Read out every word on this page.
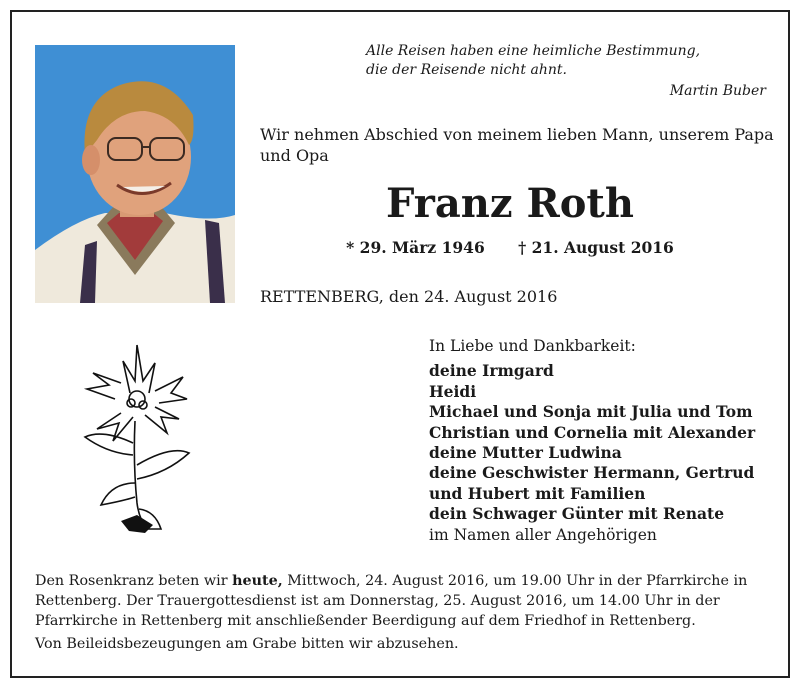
Alle Reisen haben eine heimliche Bestimmung,
die der Reisende nicht ahnt.
Martin Buber
Wir nehmen Abschied von meinem lieben Mann, unserem Papa und Opa
Franz Roth
* 29. März 1946 † 21. August 2016
RETTENBERG, den 24. August 2016
In Liebe und Dankbarkeit:
deine Irmgard
Heidi
Michael und Sonja mit Julia und Tom
Christian und Cornelia mit Alexander
deine Mutter Ludwina
deine Geschwister Hermann, Gertrud
und Hubert mit Familien
dein Schwager Günter mit Renate
im Namen aller Angehörigen

Den Rosenkranz beten wir heute, Mittwoch, 24. August 2016, um 19.00 Uhr in der Pfarrkirche in Rettenberg. Der Trauergottesdienst ist am Donnerstag, 25. August 2016, um 14.00 Uhr in der Pfarrkirche in Rettenberg mit anschließender Beerdigung auf dem Friedhof in Rettenberg.

Von Beileidsbezeugungen am Grabe bitten wir abzusehen.
